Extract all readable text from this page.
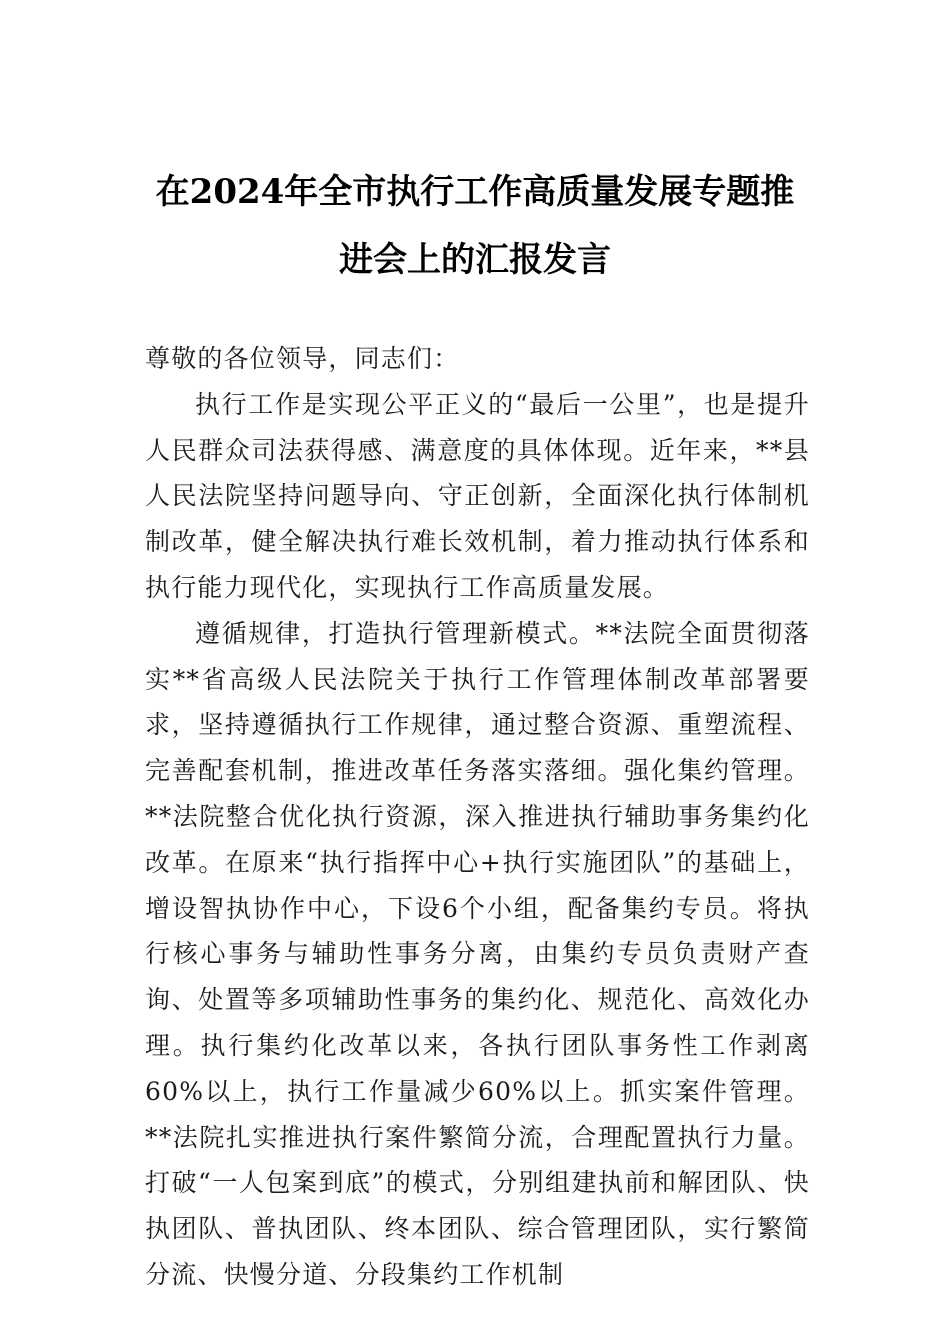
在2024年全市执行工作高质量发展专题推
进会上的汇报发言

尊敬的各位领导，同志们：

执行工作是实现公平正义的“最后一公里”，也是提升人民群众司法获得感、满意度的具体体现。近年来，**县人民法院坚持问题导向、守正创新，全面深化执行体制机制改革，健全解决执行难长效机制，着力推动执行体系和执行能力现代化，实现执行工作高质量发展。

遵循规律，打造执行管理新模式。**法院全面贯彻落实**省高级人民法院关于执行工作管理体制改革部署要求，坚持遵循执行工作规律，通过整合资源、重塑流程、完善配套机制，推进改革任务落实落细。强化集约管理。**法院整合优化执行资源，深入推进执行辅助事务集约化改革。在原来“执行指挥中心+执行实施团队”的基础上，增设智执协作中心，下设6个小组，配备集约专员。将执行核心事务与辅助性事务分离，由集约专员负责财产查询、处置等多项辅助性事务的集约化、规范化、高效化办理。执行集约化改革以来，各执行团队事务性工作剥离60%以上，执行工作量减少60%以上。抓实案件管理。**法院扎实推进执行案件繁简分流，合理配置执行力量。打破“一人包案到底”的模式，分别组建执前和解团队、快执团队、普执团队、终本团队、综合管理团队，实行繁简分流、快慢分道、分段集约工作机制
